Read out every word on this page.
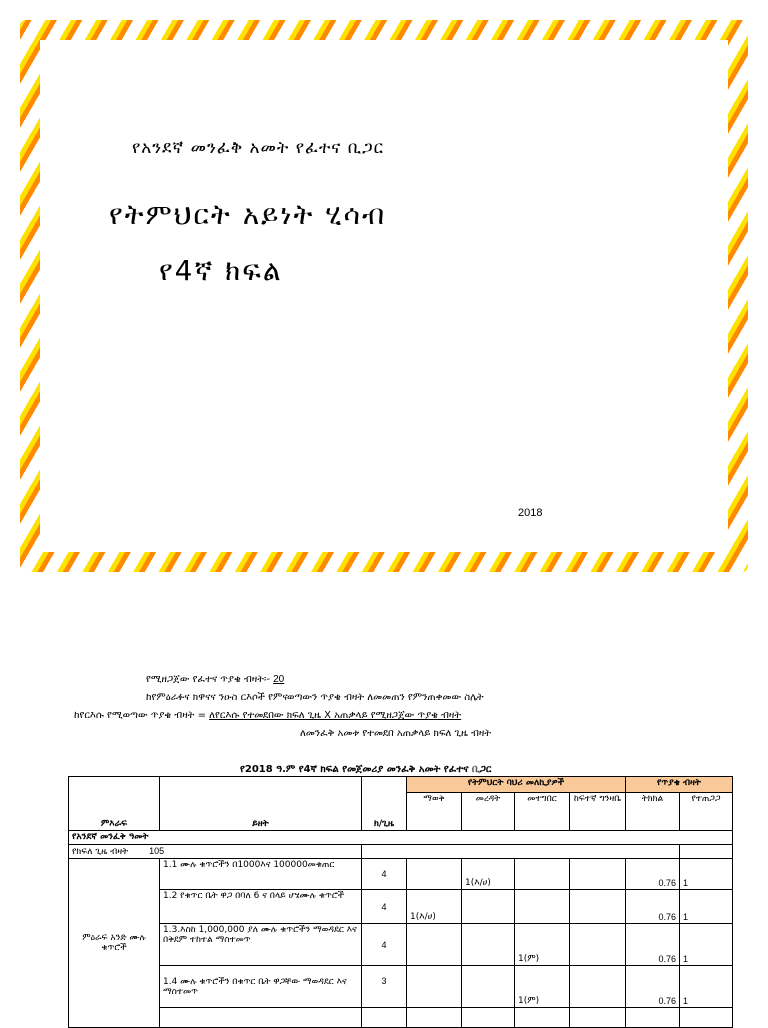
የአንደኛ መንፈቅ አመት የፈተና ቢጋር
የትምህርት አይነት ሂሳብ
የ4ኛ ክፍል
2018
የሚዘጋጀው የፈተና ጥያቄ ብዛት፡- 20
ከየምዕራፉና ክዋናና ንዑስ ርእሶች የምናወጣውን ጥያቄ ብዛት ለመመጠን የምንጠቀመው ስሌት
ከየርእሱ የሚወጣው ጥያቄ ብዛት = ለየርእሱ የተመደበው ክፍለ ጊዜ X አጠቃላይ የሚዘጋጀው ጥያቄ ብዛት
ለመንፈቅ አመቱ የተመደበ አጠቃላይ ክፍለ ጊዜ ብዛት
የ2018 ዓ.ም የ4ኛ ክፍል የመጀመሪያ መንፈቅ አመት የፈተና ቢጋር
ምእራፍ	ይዘት	ክ/ጊዜ	የትምህርት ባህሪ መለኪያዎች				የጥያቄ ብዛት	
			ማወቅ	መረዳት	መተግበር	ከፍተኛ ግንዛቤ	ትክክል	የተጠጋጋ
የአንደኛ መንፈቅ ዓመት								
የክፍለ ጊዜ ብዛት 105								
ምዕራፍ አንድ ሙሉ ቁጥሮች	1.1 ሙሉ ቁጥሮችን በ1000እና 100000መቁጠር	4		1(እ/ሀ)			0.76	1
	1.2 የቁጥር ቤት ዋጋ በባለ 6 ና በላይ ሆሄሙሉ ቁጥሮች	4	1(እ/ሀ)				0.76	1
	1.3.እስከ 1,000,000 ያለ ሙሉ ቁጥሮችን ማወዳደር እና በቅደም ተከተል ማስተመጥ	4			1(ም)		0.76	1
	1.4 ሙሉ ቁጥሮችን በቁጥር ቤት ዋጋቸው ማወዳደር እና ማስተመጥ	3			1(ም)		0.76	1
